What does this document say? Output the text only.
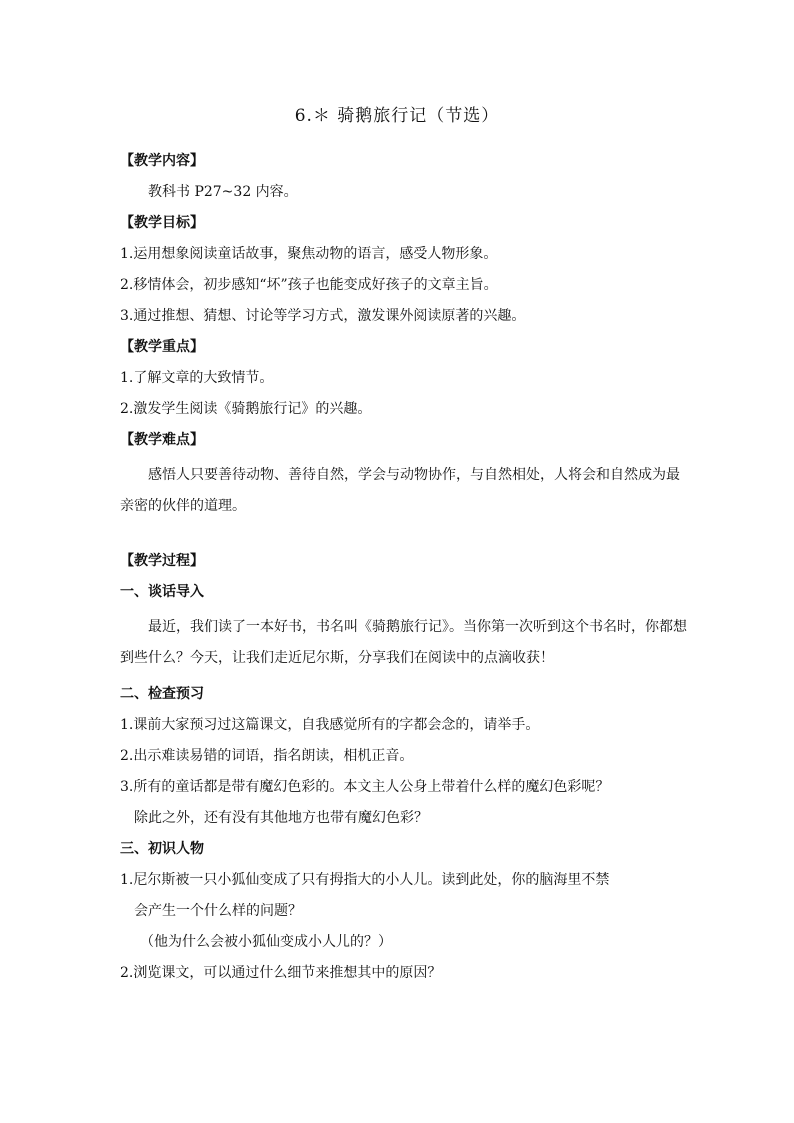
6.＊ 骑鹅旅行记（节选）

【教学内容】

教科书 P27~32 内容。

【教学目标】

1.运用想象阅读童话故事，聚焦动物的语言，感受人物形象。

2.移情体会，初步感知“坏”孩子也能变成好孩子的文章主旨。

3.通过推想、猜想、讨论等学习方式，激发课外阅读原著的兴趣。

【教学重点】

1.了解文章的大致情节。

2.激发学生阅读《骑鹅旅行记》的兴趣。

【教学难点】

感悟人只要善待动物、善待自然，学会与动物协作，与自然相处，人将会和自然成为最亲密的伙伴的道理。

【教学过程】

一、谈话导入

最近，我们读了一本好书，书名叫《骑鹅旅行记》。当你第一次听到这个书名时，你都想到些什么？今天，让我们走近尼尔斯，分享我们在阅读中的点滴收获！

二、检查预习

1.课前大家预习过这篇课文，自我感觉所有的字都会念的，请举手。

2.出示难读易错的词语，指名朗读，相机正音。

3.所有的童话都是带有魔幻色彩的。本文主人公身上带着什么样的魔幻色彩呢？

除此之外，还有没有其他地方也带有魔幻色彩？

三、初识人物

1.尼尔斯被一只小狐仙变成了只有拇指大的小人儿。读到此处，你的脑海里不禁

会产生一个什么样的问题？

（他为什么会被小狐仙变成小人儿的？）

2.浏览课文，可以通过什么细节来推想其中的原因？
